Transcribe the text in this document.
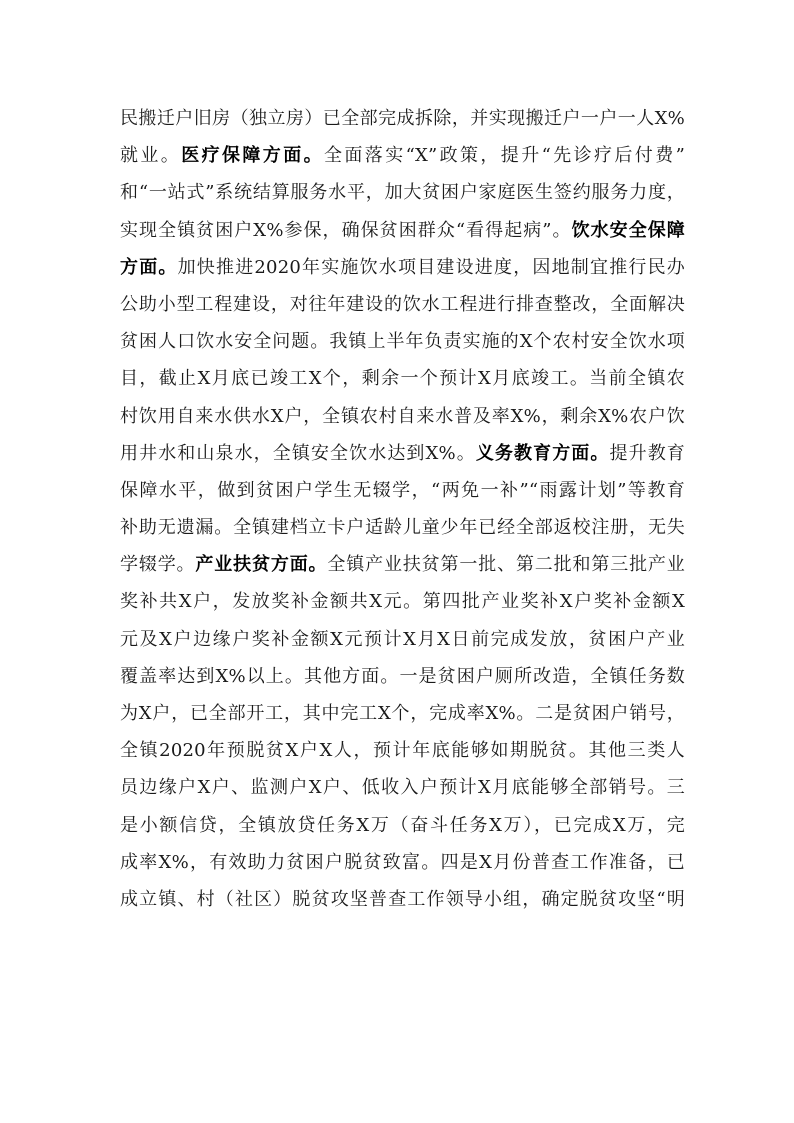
民搬迁户旧房（独立房）已全部完成拆除，并实现搬迁户一户一人X%
就业。医疗保障方面。全面落实“X”政策，提升“先诊疗后付费”
和“一站式”系统结算服务水平，加大贫困户家庭医生签约服务力度，
实现全镇贫困户X%参保，确保贫困群众“看得起病”。饮水安全保障
方面。加快推进2020年实施饮水项目建设进度，因地制宜推行民办
公助小型工程建设，对往年建设的饮水工程进行排查整改，全面解决
贫困人口饮水安全问题。我镇上半年负责实施的X个农村安全饮水项
目，截止X月底已竣工X个，剩余一个预计X月底竣工。当前全镇农
村饮用自来水供水X户，全镇农村自来水普及率X%，剩余X%农户饮
用井水和山泉水，全镇安全饮水达到X%。义务教育方面。提升教育
保障水平，做到贫困户学生无辍学，“两免一补”“雨露计划”等教育
补助无遗漏。全镇建档立卡户适龄儿童少年已经全部返校注册，无失
学辍学。产业扶贫方面。全镇产业扶贫第一批、第二批和第三批产业
奖补共X户，发放奖补金额共X元。第四批产业奖补X户奖补金额X
元及X户边缘户奖补金额X元预计X月X日前完成发放，贫困户产业
覆盖率达到X%以上。其他方面。一是贫困户厕所改造，全镇任务数
为X户，已全部开工，其中完工X个，完成率X%。二是贫困户销号，
全镇2020年预脱贫X户X人，预计年底能够如期脱贫。其他三类人
员边缘户X户、监测户X户、低收入户预计X月底能够全部销号。三
是小额信贷，全镇放贷任务X万（奋斗任务X万），已完成X万，完
成率X%，有效助力贫困户脱贫致富。四是X月份普查工作准备，已
成立镇、村（社区）脱贫攻坚普查工作领导小组，确定脱贫攻坚“明
